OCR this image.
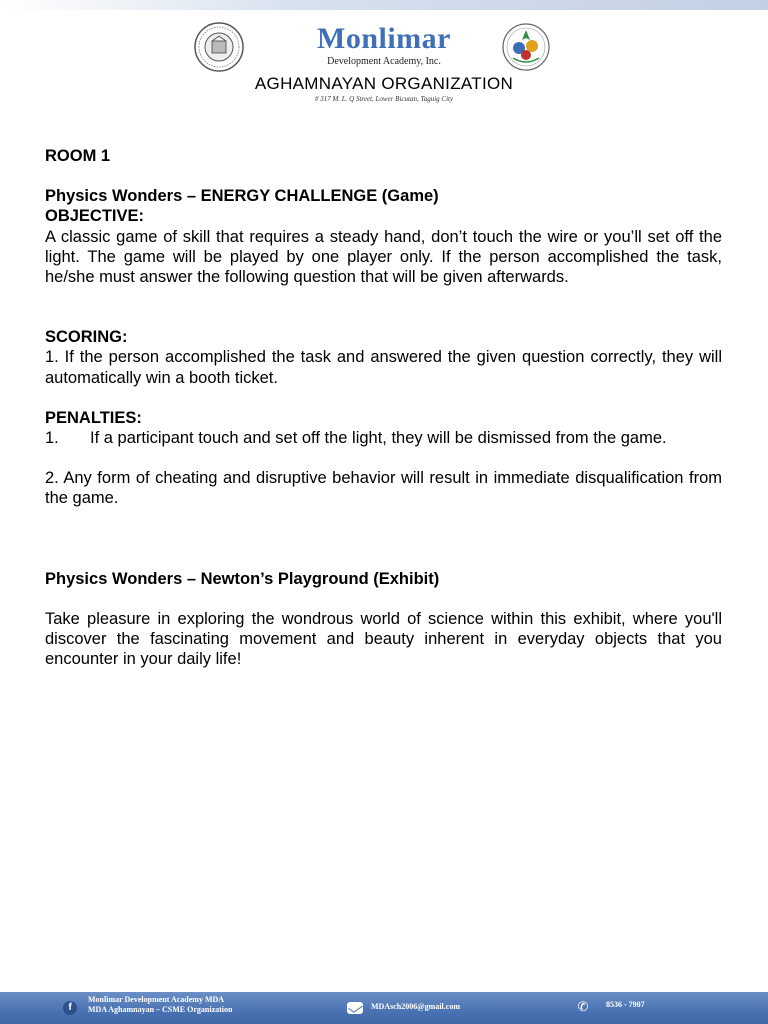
Monlimar
Development Academy, Inc.
AGHAMNAYAN ORGANIZATION
# 317 M. L. Q Street, Lower Bicutan, Taguig City

ROOM 1

Physics Wonders – ENERGY CHALLENGE (Game)

OBJECTIVE:

A classic game of skill that requires a steady hand, don’t touch the wire or you’ll set off the light. The game will be played by one player only. If the person accomplished the task, he/she must answer the following question that will be given afterwards.

SCORING:

1. If the person accomplished the task and answered the given question correctly, they will automatically win a booth ticket.

PENALTIES:

1. If a participant touch and set off the light, they will be dismissed from the game.

2. Any form of cheating and disruptive behavior will result in immediate disqualification from the game.

Physics Wonders – Newton’s Playground (Exhibit)

Take pleasure in exploring the wondrous world of science within this exhibit, where you'll discover the fascinating movement and beauty inherent in everyday objects that you encounter in your daily life!

f
Monlimar Development Academy MDA
MDA Aghamnayan – CSME Organization	MDAsch2006@gmail.com	✆	8536 - 7907
